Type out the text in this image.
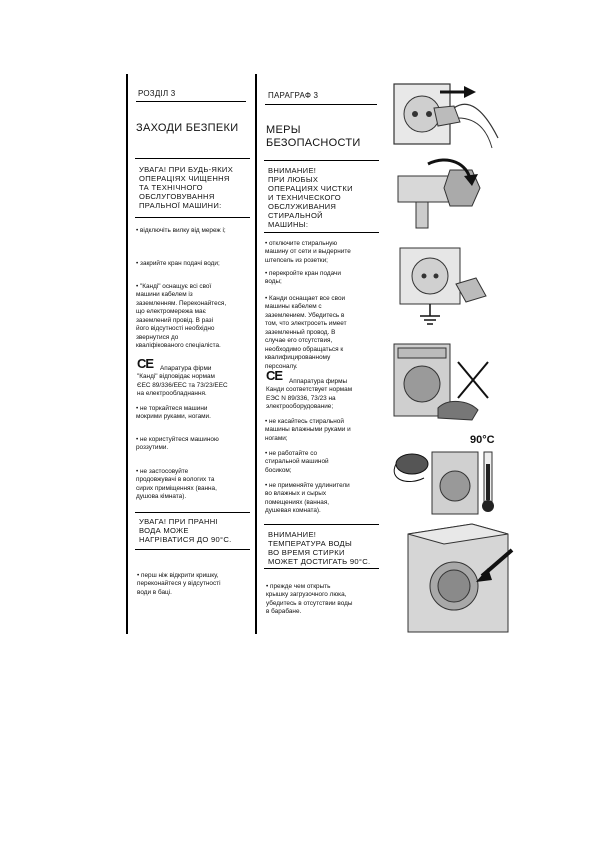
РОЗДІЛ 3
ЗАХОДИ БЕЗПЕКИ
УВАГА! ПРИ БУДЬ-ЯКИХ
ОПЕРАЦІЯХ ЧИЩЕННЯ
ТА ТЕХНІЧНОГО
ОБСЛУГОВУВАННЯ
ПРАЛЬНОЇ МАШИНИ:
• відключіть вилку від мереж і;
• закрийте кран подачі води;
• "Канді" оснащує всі свої
машини кабелем із
заземленням. Переконайтеся,
що електромережа має
заземлений провід. В разі
його відсутності необхідно
звернутися до
кваліфікованого спеціаліста.
CE	Апаратура фірми
"Канді" відповідає нормам
ЄЕС 89/336/ЕЕС та 73/23/ЕЕС
на електрообладнання.
• не торкайтеся машини
мокрими руками, ногами.
• не користуйтеся машиною
роззутими.
• не застосовуйте
продовжувачі в вологих та
сирих приміщеннях (ванна,
душова кімната).
УВАГА! ПРИ ПРАННІ
ВОДА МОЖЕ
НАГРІВАТИСЯ ДО 90°С.
• перш ніж відкрити кришку,
переконайтеся у відсутності
води в баці.
ПАРАГРАФ 3
МЕРЫ
БЕЗОПАСНОСТИ
ВНИМАНИЕ!
ПРИ ЛЮБЫХ
ОПЕРАЦИЯХ ЧИСТКИ
И ТЕХНИЧЕСКОГО
ОБСЛУЖИВАНИЯ
СТИРАЛЬНОЙ
МАШИНЫ:
• отключите стиральную
машину от сети и выдерните
штепсель из розетки;
• перекройте кран подачи
воды;
• Канди оснащает все свои
машины кабелем с
заземлением. Убедитесь в
том, что электросеть имеет
заземленный провод. В
случае его отсутствия,
необходимо обращаться к
квалифицированному
персоналу.
CE	Аппаратура фирмы
Канди соответствует нормам
ЕЭС N 89/336, 73/23 на
электрооборудование;
• не касайтесь стиральной
машины влажными руками и
ногами;
• не работайте со
стиральной машиной
босиком;
• не применяйте удлинители
во влажных и сырых
помещениях (ванная,
душевая комната).
ВНИМАНИЕ!
ТЕМПЕРАТУРА ВОДЫ
ВО ВРЕМЯ СТИРКИ
МОЖЕТ ДОСТИГАТЬ 90°С.
• прежде чем открыть
крышку загрузочного люка,
убедитесь в отсутствии воды
в барабане.
90°C
